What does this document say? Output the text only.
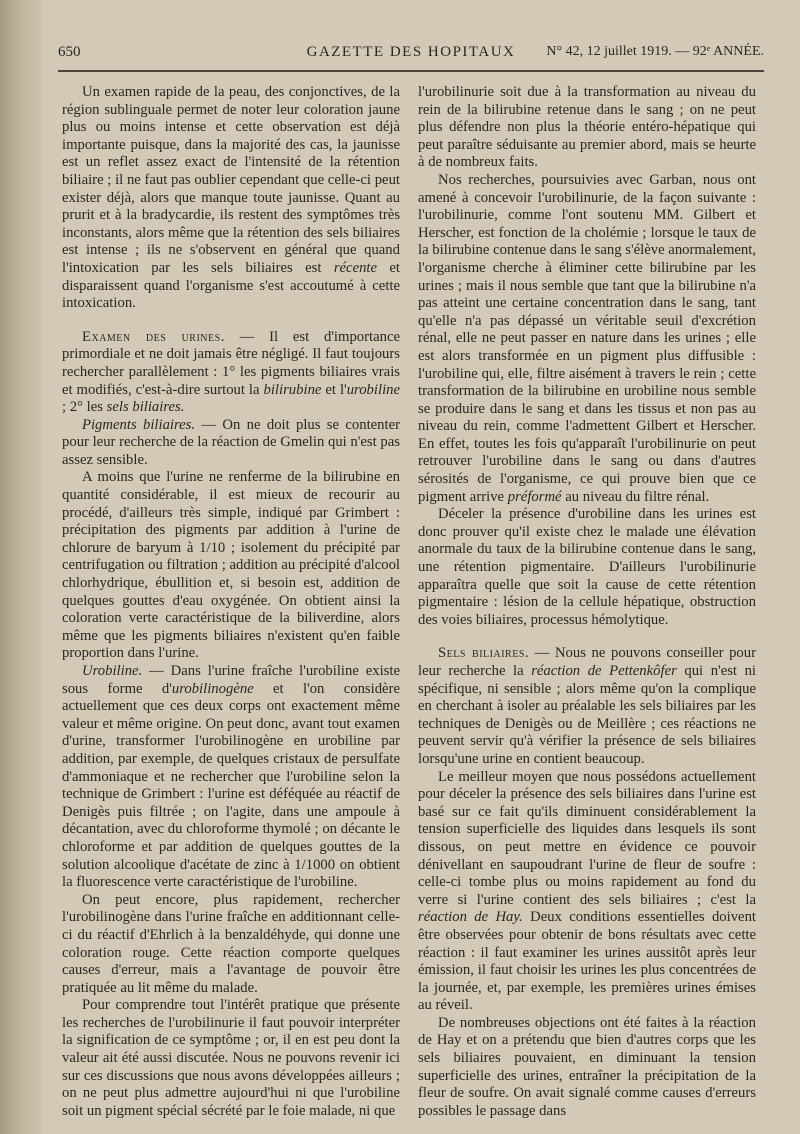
650	GAZETTE DES HOPITAUX	N° 42, 12 juillet 1919. — 92ᵉ ANNÉE.

Un examen rapide de la peau, des conjonctives, de la région sublinguale permet de noter leur coloration jaune plus ou moins intense et cette observation est déjà importante puisque, dans la majorité des cas, la jaunisse est un reflet assez exact de l'intensité de la rétention biliaire ; il ne faut pas oublier cependant que celle-ci peut exister déjà, alors que manque toute jaunisse. Quant au prurit et à la bradycardie, ils restent des symptômes très inconstants, alors même que la rétention des sels biliaires est intense ; ils ne s'observent en général que quand l'intoxication par les sels biliaires est récente et disparaissent quand l'organisme s'est accoutumé à cette intoxication.

Examen des urines. — Il est d'importance primordiale et ne doit jamais être négligé. Il faut toujours rechercher parallèlement : 1° les pigments biliaires vrais et modifiés, c'est-à-dire surtout la bilirubine et l'urobiline ; 2° les sels biliaires.

Pigments biliaires. — On ne doit plus se contenter pour leur recherche de la réaction de Gmelin qui n'est pas assez sensible.

A moins que l'urine ne renferme de la bilirubine en quantité considérable, il est mieux de recourir au procédé, d'ailleurs très simple, indiqué par Grimbert : précipitation des pigments par addition à l'urine de chlorure de baryum à 1/10 ; isolement du précipité par centrifugation ou filtration ; addition au précipité d'alcool chlorhydrique, ébullition et, si besoin est, addition de quelques gouttes d'eau oxygénée. On obtient ainsi la coloration verte caractéristique de la biliverdine, alors même que les pigments biliaires n'existent qu'en faible proportion dans l'urine.

Urobiline. — Dans l'urine fraîche l'urobiline existe sous forme d'urobilinogène et l'on considère actuellement que ces deux corps ont exactement même valeur et même origine. On peut donc, avant tout examen d'urine, transformer l'urobilinogène en urobiline par addition, par exemple, de quelques cristaux de persulfate d'ammoniaque et ne rechercher que l'urobiline selon la technique de Grimbert : l'urine est déféquée au réactif de Denigès puis filtrée ; on l'agite, dans une ampoule à décantation, avec du chloroforme thymolé ; on décante le chloroforme et par addition de quelques gouttes de la solution alcoolique d'acétate de zinc à 1/1000 on obtient la fluorescence verte caractéristique de l'urobiline.

On peut encore, plus rapidement, rechercher l'urobilinogène dans l'urine fraîche en additionnant celle-ci du réactif d'Ehrlich à la benzaldéhyde, qui donne une coloration rouge. Cette réaction comporte quelques causes d'erreur, mais a l'avantage de pouvoir être pratiquée au lit même du malade.

Pour comprendre tout l'intérêt pratique que présente les recherches de l'urobilinurie il faut pouvoir interpréter la signification de ce symptôme ; or, il en est peu dont la valeur ait été aussi discutée. Nous ne pouvons revenir ici sur ces discussions que nous avons développées ailleurs ; on ne peut plus admettre aujourd'hui ni que l'urobiline soit un pigment spécial sécrété par le foie malade, ni que

l'urobilinurie soit due à la transformation au niveau du rein de la bilirubine retenue dans le sang ; on ne peut plus défendre non plus la théorie entéro-hépatique qui peut paraître séduisante au premier abord, mais se heurte à de nombreux faits.

Nos recherches, poursuivies avec Garban, nous ont amené à concevoir l'urobilinurie, de la façon suivante : l'urobilinurie, comme l'ont soutenu MM. Gilbert et Herscher, est fonction de la cholémie ; lorsque le taux de la bilirubine contenue dans le sang s'élève anormalement, l'organisme cherche à éliminer cette bilirubine par les urines ; mais il nous semble que tant que la bilirubine n'a pas atteint une certaine concentration dans le sang, tant qu'elle n'a pas dépassé un véritable seuil d'excrétion rénal, elle ne peut passer en nature dans les urines ; elle est alors transformée en un pigment plus diffusible : l'urobiline qui, elle, filtre aisément à travers le rein ; cette transformation de la bilirubine en urobiline nous semble se produire dans le sang et dans les tissus et non pas au niveau du rein, comme l'admettent Gilbert et Herscher. En effet, toutes les fois qu'apparaît l'urobilinurie on peut retrouver l'urobiline dans le sang ou dans d'autres sérosités de l'organisme, ce qui prouve bien que ce pigment arrive préformé au niveau du filtre rénal.

Déceler la présence d'urobiline dans les urines est donc prouver qu'il existe chez le malade une élévation anormale du taux de la bilirubine contenue dans le sang, une rétention pigmentaire. D'ailleurs l'urobilinurie apparaîtra quelle que soit la cause de cette rétention pigmentaire : lésion de la cellule hépatique, obstruction des voies biliaires, processus hémolytique.

Sels biliaires. — Nous ne pouvons conseiller pour leur recherche la réaction de Pettenkôfer qui n'est ni spécifique, ni sensible ; alors même qu'on la complique en cherchant à isoler au préalable les sels biliaires par les techniques de Denigès ou de Meillère ; ces réactions ne peuvent servir qu'à vérifier la présence de sels biliaires lorsqu'une urine en contient beaucoup.

Le meilleur moyen que nous possédons actuellement pour déceler la présence des sels biliaires dans l'urine est basé sur ce fait qu'ils diminuent considérablement la tension superficielle des liquides dans lesquels ils sont dissous, on peut mettre en évidence ce pouvoir dénivellant en saupoudrant l'urine de fleur de soufre : celle-ci tombe plus ou moins rapidement au fond du verre si l'urine contient des sels biliaires ; c'est la réaction de Hay. Deux conditions essentielles doivent être observées pour obtenir de bons résultats avec cette réaction : il faut examiner les urines aussitôt après leur émission, il faut choisir les urines les plus concentrées de la journée, et, par exemple, les premières urines émises au réveil.

De nombreuses objections ont été faites à la réaction de Hay et on a prétendu que bien d'autres corps que les sels biliaires pouvaient, en diminuant la tension superficielle des urines, entraîner la précipitation de la fleur de soufre. On avait signalé comme causes d'erreurs possibles le passage dans
